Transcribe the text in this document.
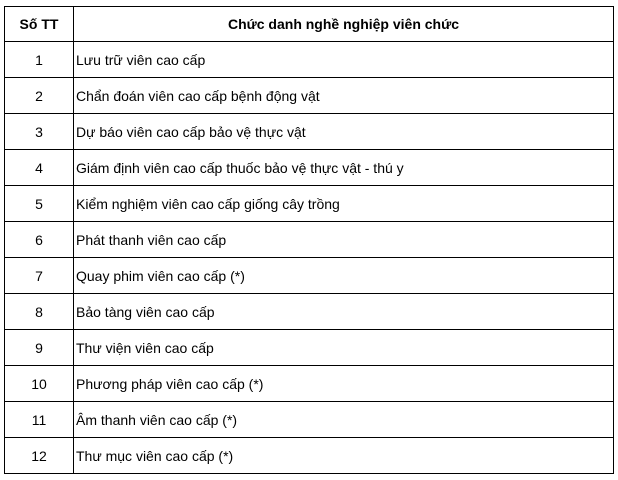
Số TT	Chức danh nghề nghiệp viên chức
1	Lưu trữ viên cao cấp
2	Chẩn đoán viên cao cấp bệnh động vật
3	Dự báo viên cao cấp bảo vệ thực vật
4	Giám định viên cao cấp thuốc bảo vệ thực vật - thú y
5	Kiểm nghiệm viên cao cấp giống cây trồng
6	Phát thanh viên cao cấp
7	Quay phim viên cao cấp (*)
8	Bảo tàng viên cao cấp
9	Thư viện viên cao cấp
10	Phương pháp viên cao cấp (*)
11	Âm thanh viên cao cấp (*)
12	Thư mục viên cao cấp (*)
